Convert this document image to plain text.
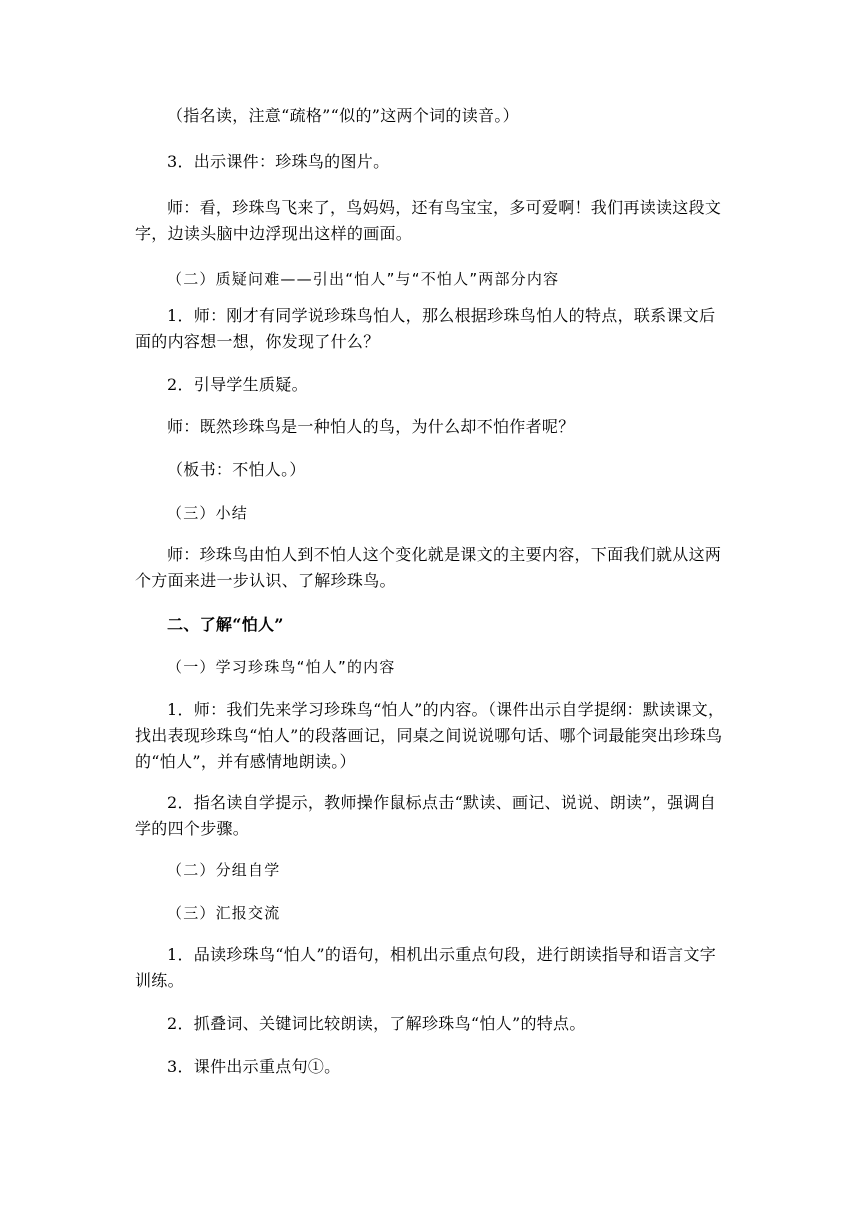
（指名读，注意“疏格”“似的”这两个词的读音。）

3．出示课件：珍珠鸟的图片。

师：看，珍珠鸟飞来了，鸟妈妈，还有鸟宝宝，多可爱啊！我们再读读这段文字，边读头脑中边浮现出这样的画面。

（二）质疑问难——引出“怕人”与“不怕人”两部分内容

1．师：刚才有同学说珍珠鸟怕人，那么根据珍珠鸟怕人的特点，联系课文后面的内容想一想，你发现了什么？

2．引导学生质疑。

师：既然珍珠鸟是一种怕人的鸟，为什么却不怕作者呢？

（板书：不怕人。）

（三）小结

师：珍珠鸟由怕人到不怕人这个变化就是课文的主要内容，下面我们就从这两个方面来进一步认识、了解珍珠鸟。

二、了解“怕人”

（一）学习珍珠鸟“怕人”的内容

1．师：我们先来学习珍珠鸟“怕人”的内容。（课件出示自学提纲：默读课文，找出表现珍珠鸟“怕人”的段落画记，同桌之间说说哪句话、哪个词最能突出珍珠鸟的“怕人”，并有感情地朗读。）

2．指名读自学提示，教师操作鼠标点击“默读、画记、说说、朗读”，强调自学的四个步骤。

（二）分组自学

（三）汇报交流

1．品读珍珠鸟“怕人”的语句，相机出示重点句段，进行朗读指导和语言文字训练。

2．抓叠词、关键词比较朗读，了解珍珠鸟“怕人”的特点。

3．课件出示重点句①。
